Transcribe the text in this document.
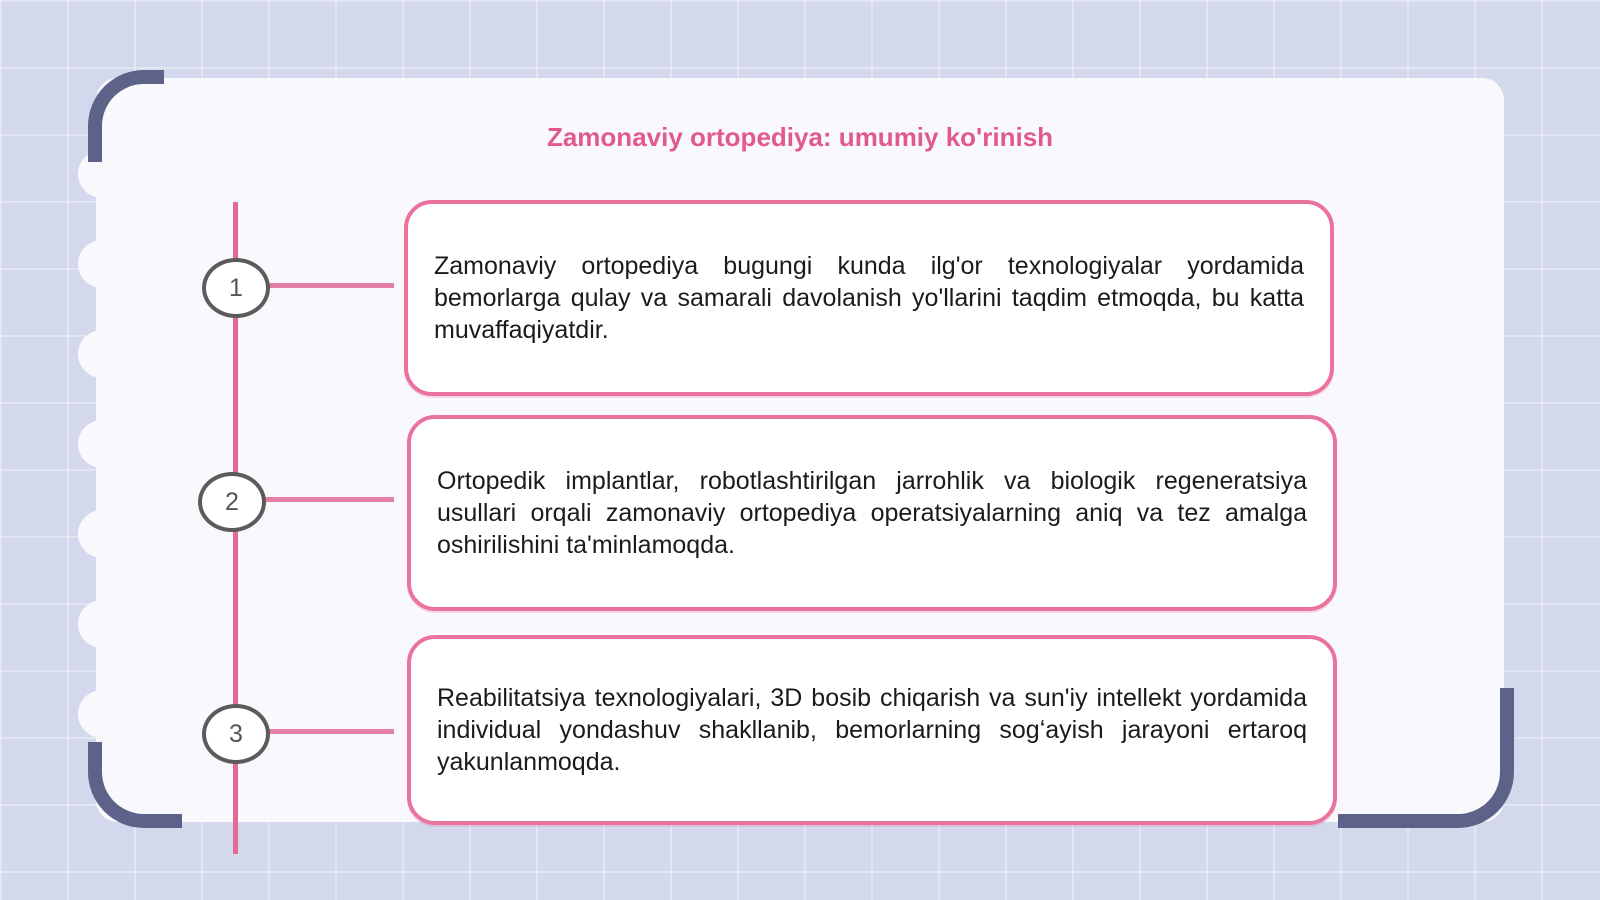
Zamonaviy ortopediya: umumiy ko'rinish
1
Zamonaviy ortopediya bugungi kunda ilg'or texnologiyalar yordamida bemorlarga qulay va samarali davolanish yo'llarini taqdim etmoqda, bu katta muvaffaqiyatdir.
2
Ortopedik implantlar, robotlashtirilgan jarrohlik va biologik regeneratsiya usullari orqali zamonaviy ortopediya operatsiyalarning aniq va tez amalga oshirilishini ta'minlamoqda.
3
Reabilitatsiya texnologiyalari, 3D bosib chiqarish va sun'iy intellekt yordamida individual yondashuv shakllanib, bemorlarning sogʻayish jarayoni ertaroq yakunlanmoqda.
